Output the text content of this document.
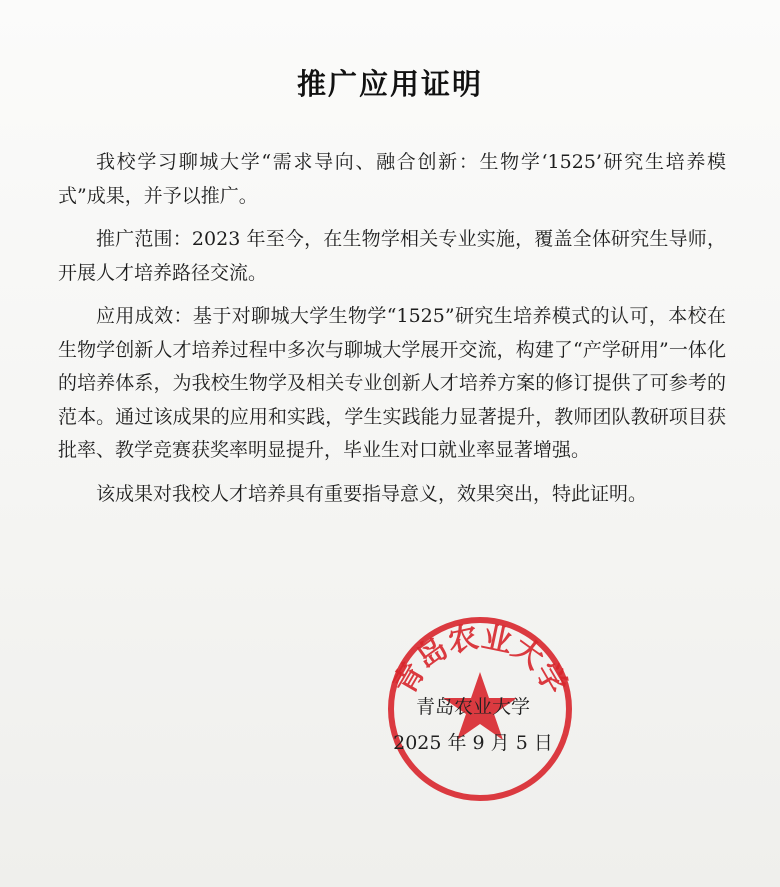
推广应用证明

我校学习聊城大学“需求导向、融合创新：生物学‘1525’研究生培养模式”成果，并予以推广。

推广范围：2023 年至今，在生物学相关专业实施，覆盖全体研究生导师，开展人才培养路径交流。

应用成效：基于对聊城大学生物学“1525”研究生培养模式的认可，本校在生物学创新人才培养过程中多次与聊城大学展开交流，构建了“产学研用”一体化的培养体系，为我校生物学及相关专业创新人才培养方案的修订提供了可参考的范本。通过该成果的应用和实践，学生实践能力显著提升，教师团队教研项目获批率、教学竞赛获奖率明显提升，毕业生对口就业率显著增强。

该成果对我校人才培养具有重要指导意义，效果突出，特此证明。

青岛农业大学
青岛农业大学
2025 年 9 月 5 日
